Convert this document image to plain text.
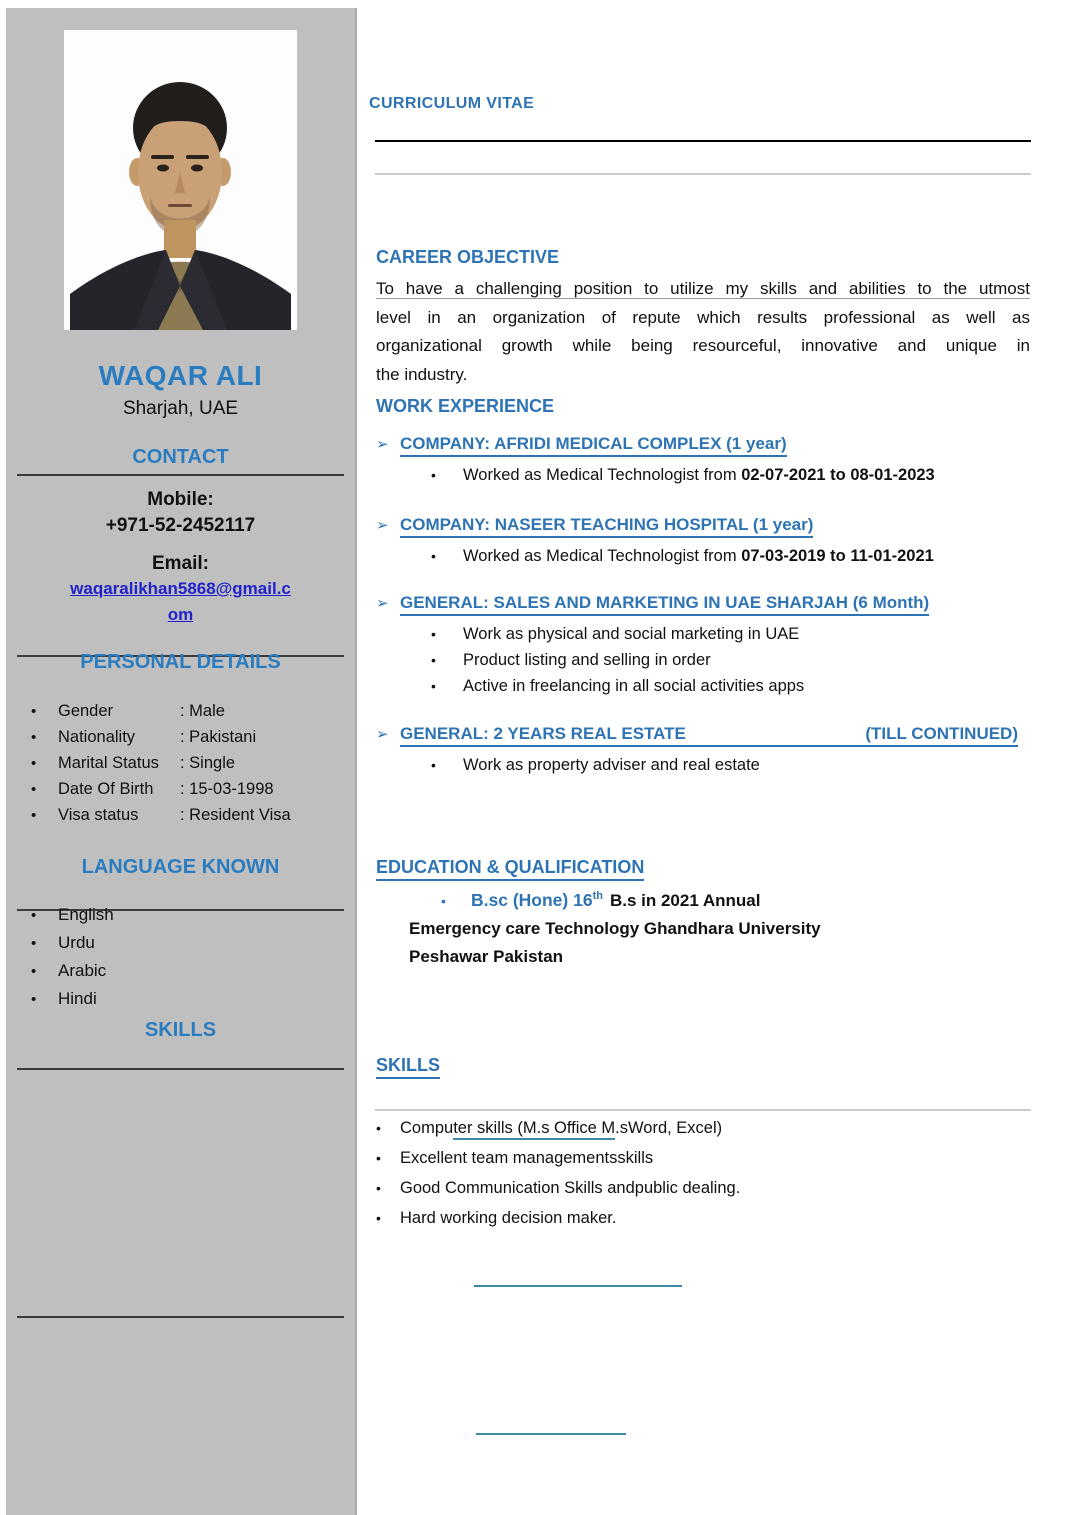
WAQAR ALI
Sharjah, UAE
CONTACT
Mobile:
+971-52-2452117
Email:
waqaralikhan5868@gmail.c
om
PERSONAL DETAILS
•	Gender	: Male
•	Nationality	: Pakistani
•	Marital Status	: Single
•	Date Of Birth	: 15-03-1998
•	Visa status	: Resident Visa
LANGUAGE KNOWN
•	English
•	Urdu
•	Arabic
•	Hindi
SKILLS
CURRICULUM VITAE
CAREER OBJECTIVE
To have a challenging position to utilize my skills and abilities to the utmost
level in an organization of repute which results professional as well as
organizational growth while being resourceful, innovative and unique in
the industry.
WORK EXPERIENCE
➢ COMPANY: AFRIDI MEDICAL COMPLEX (1 year)
•	Worked as Medical Technologist from 02-07-2021 to 08-01-2023
➢ COMPANY: NASEER TEACHING HOSPITAL (1 year)
•	Worked as Medical Technologist from 07-03-2019 to 11-01-2021
➢ GENERAL: SALES AND MARKETING IN UAE SHARJAH (6 Month)
•	Work as physical and social marketing in UAE
•	Product listing and selling in order
•	Active in freelancing in all social activities apps
➢ GENERAL: 2 YEARS REAL ESTATE	(TILL CONTINUED)
•	Work as property adviser and real estate
EDUCATION & QUALIFICATION
•	B.sc (Hone) 16th B.s in 2021 Annual
Emergency care Technology Ghandhara University
Peshawar Pakistan
SKILLS
•	Computer skills (M.s Office M.sWord, Excel)
•	Excellent team managementsskills
•	Good Communication Skills andpublic dealing.
•	Hard working decision maker.
